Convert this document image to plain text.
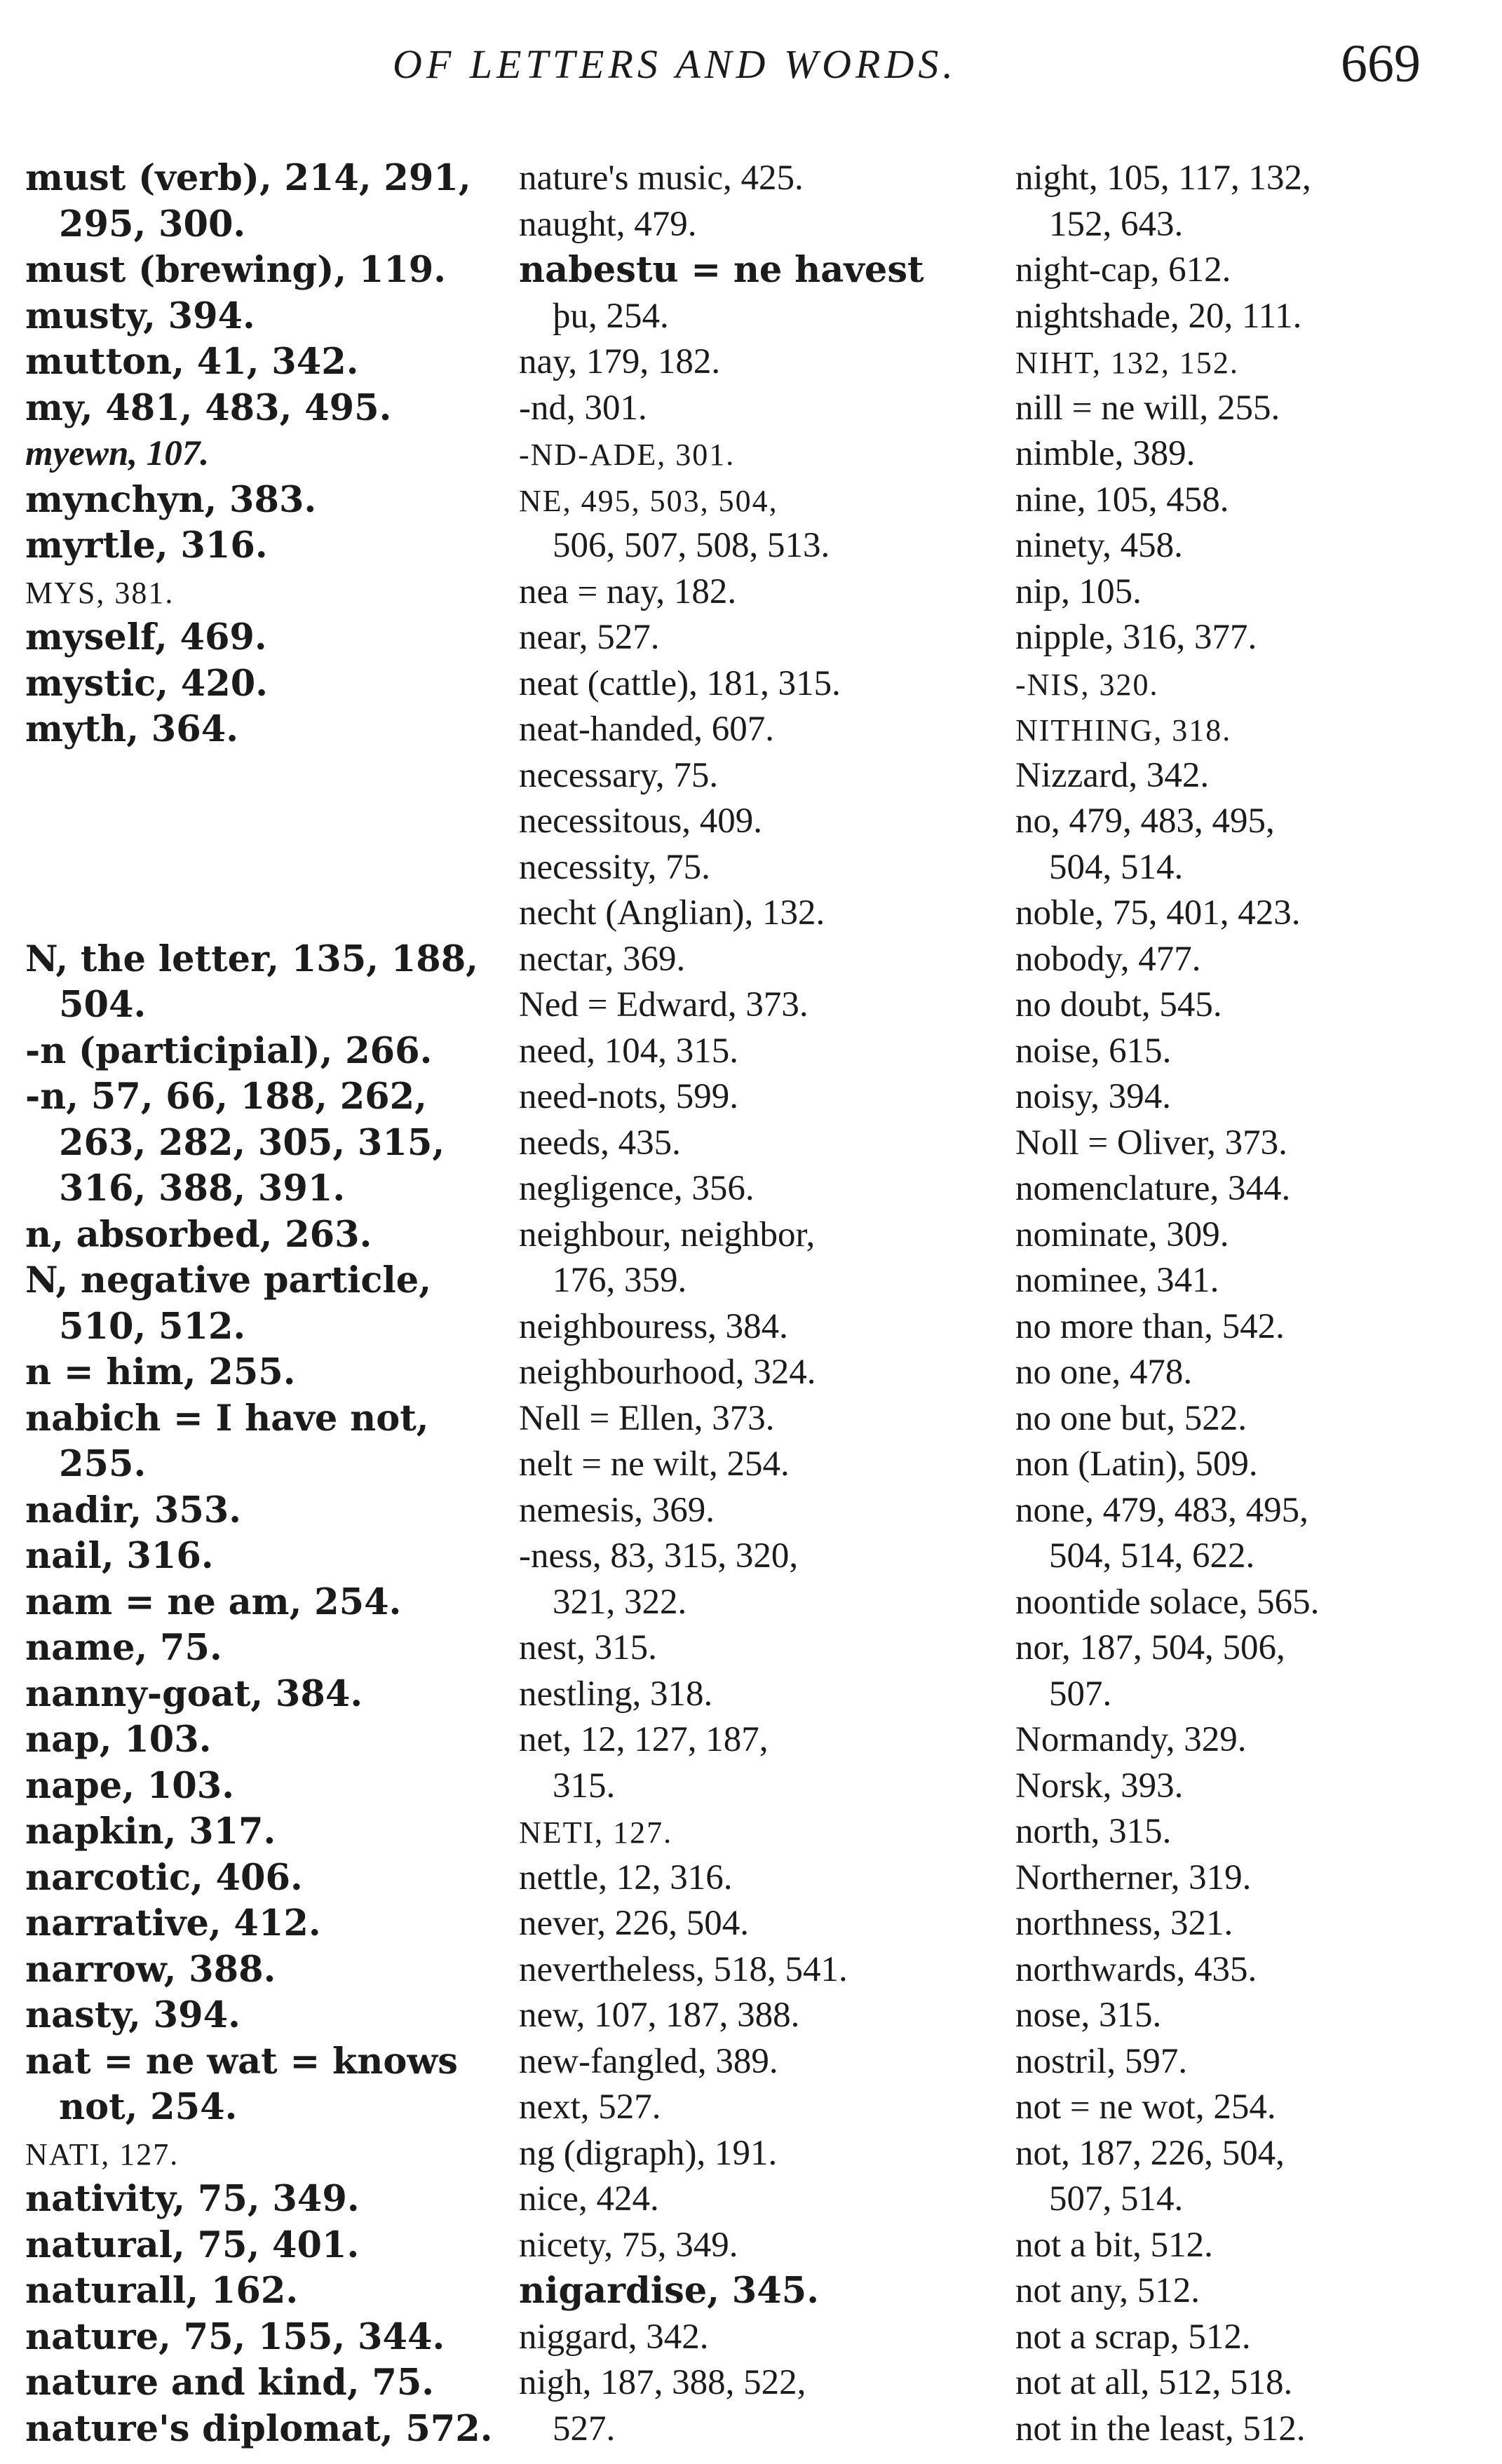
OF LETTERS AND WORDS.	669
must (verb), 214, 291,
295, 300.
must (brewing), 119.
musty, 394.
mutton, 41, 342.
my, 481, 483, 495.
myewn, 107.
mynchyn, 383.
myrtle, 316.
MYS, 381.
myself, 469.
mystic, 420.
myth, 364.
N, the letter, 135, 188,
504.
-n (participial), 266.
-n, 57, 66, 188, 262,
263, 282, 305, 315,
316, 388, 391.
n, absorbed, 263.
N, negative particle,
510, 512.
n = him, 255.
nabich = I have not,
255.
nadir, 353.
nail, 316.
nam = ne am, 254.
name, 75.
nanny-goat, 384.
nap, 103.
nape, 103.
napkin, 317.
narcotic, 406.
narrative, 412.
narrow, 388.
nasty, 394.
nat = ne wat = knows
not, 254.
NATI, 127.
nativity, 75, 349.
natural, 75, 401.
naturall, 162.
nature, 75, 155, 344.
nature and kind, 75.
nature's diplomat, 572.
nature's music, 425.
naught, 479.
nabestu = ne havest
þu, 254.
nay, 179, 182.
-nd, 301.
-ND-ADE, 301.
NE, 495, 503, 504,
506, 507, 508, 513.
nea = nay, 182.
near, 527.
neat (cattle), 181, 315.
neat-handed, 607.
necessary, 75.
necessitous, 409.
necessity, 75.
necht (Anglian), 132.
nectar, 369.
Ned = Edward, 373.
need, 104, 315.
need-nots, 599.
needs, 435.
negligence, 356.
neighbour, neighbor,
176, 359.
neighbouress, 384.
neighbourhood, 324.
Nell = Ellen, 373.
nelt = ne wilt, 254.
nemesis, 369.
-ness, 83, 315, 320,
321, 322.
nest, 315.
nestling, 318.
net, 12, 127, 187,
315.
NETI, 127.
nettle, 12, 316.
never, 226, 504.
nevertheless, 518, 541.
new, 107, 187, 388.
new-fangled, 389.
next, 527.
ng (digraph), 191.
nice, 424.
nicety, 75, 349.
nigardise, 345.
niggard, 342.
nigh, 187, 388, 522,
527.
night, 105, 117, 132,
152, 643.
night-cap, 612.
nightshade, 20, 111.
NIHT, 132, 152.
nill = ne will, 255.
nimble, 389.
nine, 105, 458.
ninety, 458.
nip, 105.
nipple, 316, 377.
-NIS, 320.
NITHING, 318.
Nizzard, 342.
no, 479, 483, 495,
504, 514.
noble, 75, 401, 423.
nobody, 477.
no doubt, 545.
noise, 615.
noisy, 394.
Noll = Oliver, 373.
nomenclature, 344.
nominate, 309.
nominee, 341.
no more than, 542.
no one, 478.
no one but, 522.
non (Latin), 509.
none, 479, 483, 495,
504, 514, 622.
noontide solace, 565.
nor, 187, 504, 506,
507.
Normandy, 329.
Norsk, 393.
north, 315.
Northerner, 319.
northness, 321.
northwards, 435.
nose, 315.
nostril, 597.
not = ne wot, 254.
not, 187, 226, 504,
507, 514.
not a bit, 512.
not any, 512.
not a scrap, 512.
not at all, 512, 518.
not in the least, 512.
